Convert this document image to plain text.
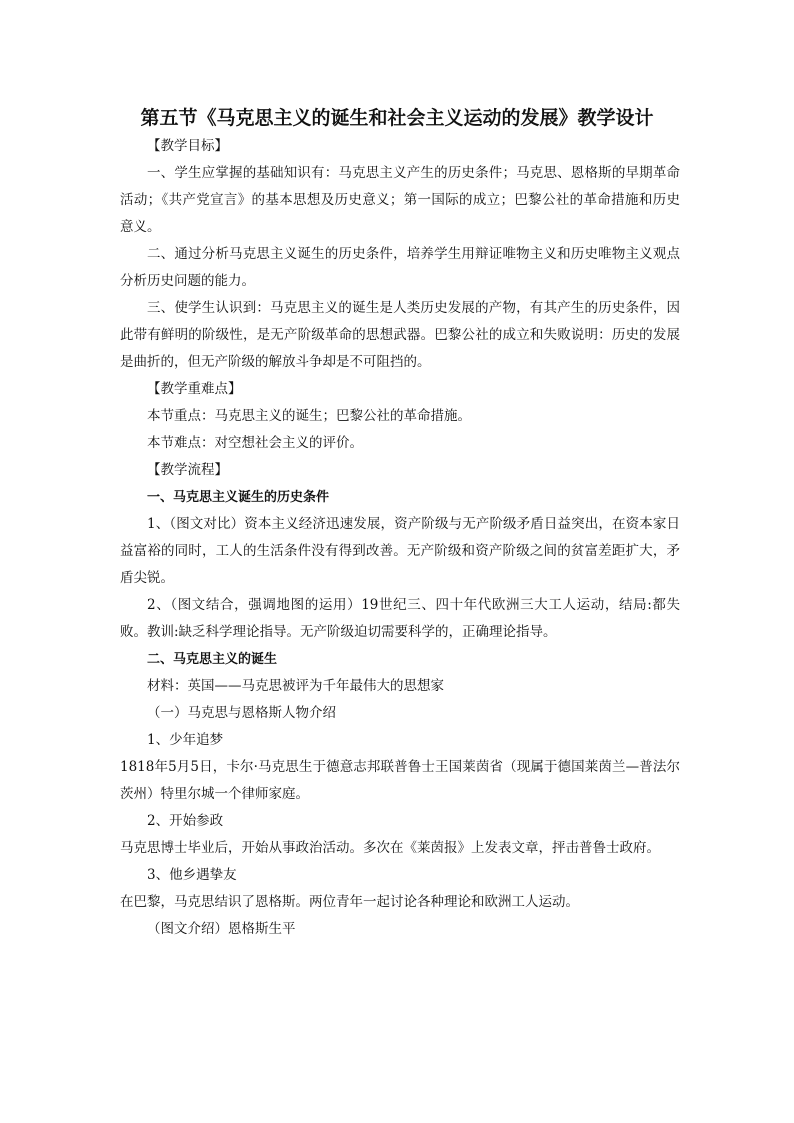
第五节《马克思主义的诞生和社会主义运动的发展》教学设计

【教学目标】

一、学生应掌握的基础知识有：马克思主义产生的历史条件；马克思、恩格斯的早期革命活动；《共产党宣言》的基本思想及历史意义；第一国际的成立；巴黎公社的革命措施和历史意义。

二、通过分析马克思主义诞生的历史条件，培养学生用辩证唯物主义和历史唯物主义观点分析历史问题的能力。

三、使学生认识到：马克思主义的诞生是人类历史发展的产物，有其产生的历史条件，因此带有鲜明的阶级性，是无产阶级革命的思想武器。巴黎公社的成立和失败说明：历史的发展是曲折的，但无产阶级的解放斗争却是不可阻挡的。

【教学重难点】

本节重点：马克思主义的诞生；巴黎公社的革命措施。

本节难点：对空想社会主义的评价。

【教学流程】

一、马克思主义诞生的历史条件

1、（图文对比）资本主义经济迅速发展，资产阶级与无产阶级矛盾日益突出，在资本家日益富裕的同时，工人的生活条件没有得到改善。无产阶级和资产阶级之间的贫富差距扩大，矛盾尖锐。

2、（图文结合，强调地图的运用）19世纪三、四十年代欧洲三大工人运动，结局:都失败。教训:缺乏科学理论指导。无产阶级迫切需要科学的，正确理论指导。

二、马克思主义的诞生

材料：英国——马克思被评为千年最伟大的思想家

（一）马克思与恩格斯人物介绍

1、少年追梦

1818年5月5日，卡尔·马克思生于德意志邦联普鲁士王国莱茵省（现属于德国莱茵兰—普法尔茨州）特里尔城一个律师家庭。

2、开始参政

马克思博士毕业后，开始从事政治活动。多次在《莱茵报》上发表文章，抨击普鲁士政府。

3、他乡遇挚友

在巴黎，马克思结识了恩格斯。两位青年一起讨论各种理论和欧洲工人运动。

（图文介绍）恩格斯生平
